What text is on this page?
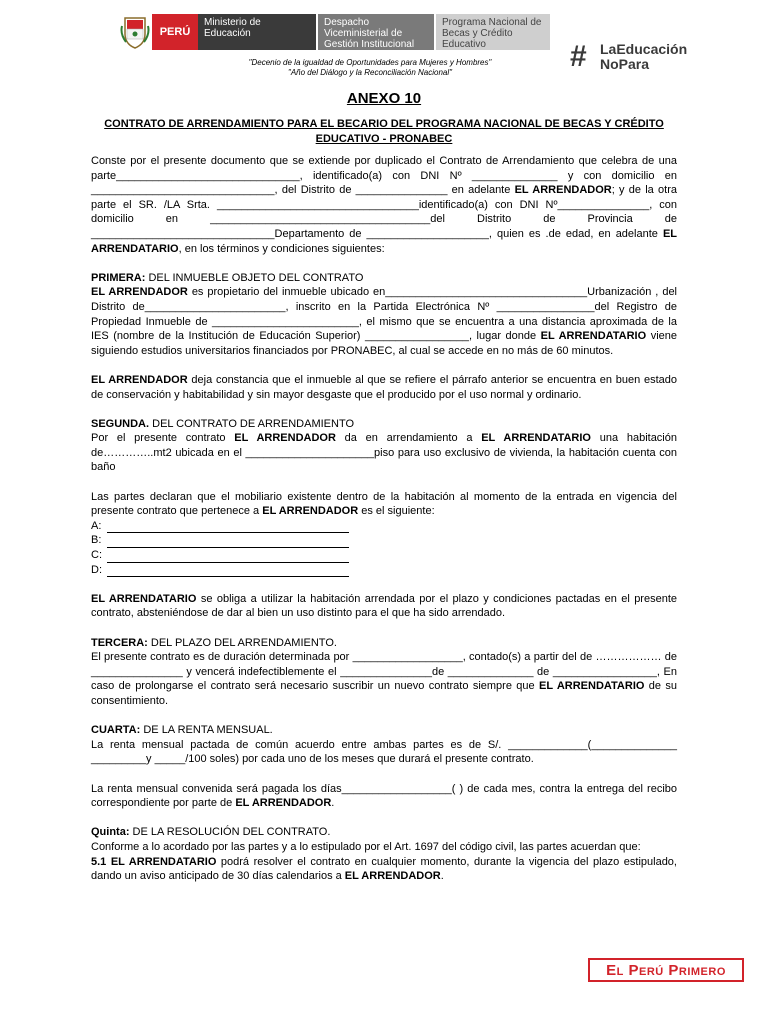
PERÚ
Ministerio de Educación
Despacho Viceministerial de Gestión Institucional
Programa Nacional de Becas y Crédito Educativo	# LaEducación
NoPara
"Decenio de la igualdad de Oportunidades para Mujeres y Hombres"
"Año del Diálogo y la Reconciliación Nacional"
ANEXO 10
CONTRATO DE ARRENDAMIENTO PARA EL BECARIO DEL PROGRAMA NACIONAL DE BECAS Y CRÉDITO EDUCATIVO - PRONABEC

Conste por el presente documento que se extiende por duplicado el Contrato de Arrendamiento que celebra de una parte______________________________, identificado(a) con DNI Nº ______________ y con domicilio en ______________________________, del Distrito de _______________ en adelante EL ARRENDADOR; y de la otra parte el SR. /LA Srta. _________________________________identificado(a) con DNI Nº_______________, con domicilio en ____________________________________del Distrito de Provincia de ______________________________Departamento de ____________________, quien es .de edad, en adelante EL ARRENDATARIO, en los términos y condiciones siguientes:

PRIMERA: DEL INMUEBLE OBJETO DEL CONTRATO

EL ARRENDADOR es propietario del inmueble ubicado en_________________________________Urbanización , del Distrito de_______________________, inscrito en la Partida Electrónica Nº ________________del Registro de Propiedad Inmueble de ________________________, el mismo que se encuentra a una distancia aproximada de la IES (nombre de la Institución de Educación Superior) _________________, lugar donde EL ARRENDATARIO viene siguiendo estudios universitarios financiados por PRONABEC, al cual se accede en no más de 60 minutos.

EL ARRENDADOR deja constancia que el inmueble al que se refiere el párrafo anterior se encuentra en buen estado de conservación y habitabilidad y sin mayor desgaste que el producido por el uso normal y ordinario.

SEGUNDA. DEL CONTRATO DE ARRENDAMIENTO

Por el presente contrato EL ARRENDADOR da en arrendamiento a EL ARRENDATARIO una habitación de…………..mt2 ubicada en el _____________________piso para uso exclusivo de vivienda, la habitación cuenta con baño

Las partes declaran que el mobiliario existente dentro de la habitación al momento de la entrada en vigencia del presente contrato que pertenece a EL ARRENDADOR es el siguiente:

A:
B:
C:
D:

EL ARRENDATARIO se obliga a utilizar la habitación arrendada por el plazo y condiciones pactadas en el presente contrato, absteniéndose de dar al bien un uso distinto para el que ha sido arrendado.

TERCERA: DEL PLAZO DEL ARRENDAMIENTO.

El presente contrato es de duración determinada por __________________, contado(s) a partir del de ……………… de _______________ y vencerá indefectiblemente el _______________de ______________ de _________________, En caso de prolongarse el contrato será necesario suscribir un nuevo contrato siempre que EL ARRENDATARIO de su consentimiento.

CUARTA: DE LA RENTA MENSUAL.

La renta mensual pactada de común acuerdo entre ambas partes es de S/. _____________(______________ _________y _____/100 soles) por cada uno de los meses que durará el presente contrato.

La renta mensual convenida será pagada los días__________________( ) de cada mes, contra la entrega del recibo correspondiente por parte de EL ARRENDADOR.

Quinta: DE LA RESOLUCIÓN DEL CONTRATO.

Conforme a lo acordado por las partes y a lo estipulado por el Art. 1697 del código civil, las partes acuerdan que:

5.1 EL ARRENDATARIO podrá resolver el contrato en cualquier momento, durante la vigencia del plazo estipulado, dando un aviso anticipado de 30 días calendarios a EL ARRENDADOR.

El Perú Primero
